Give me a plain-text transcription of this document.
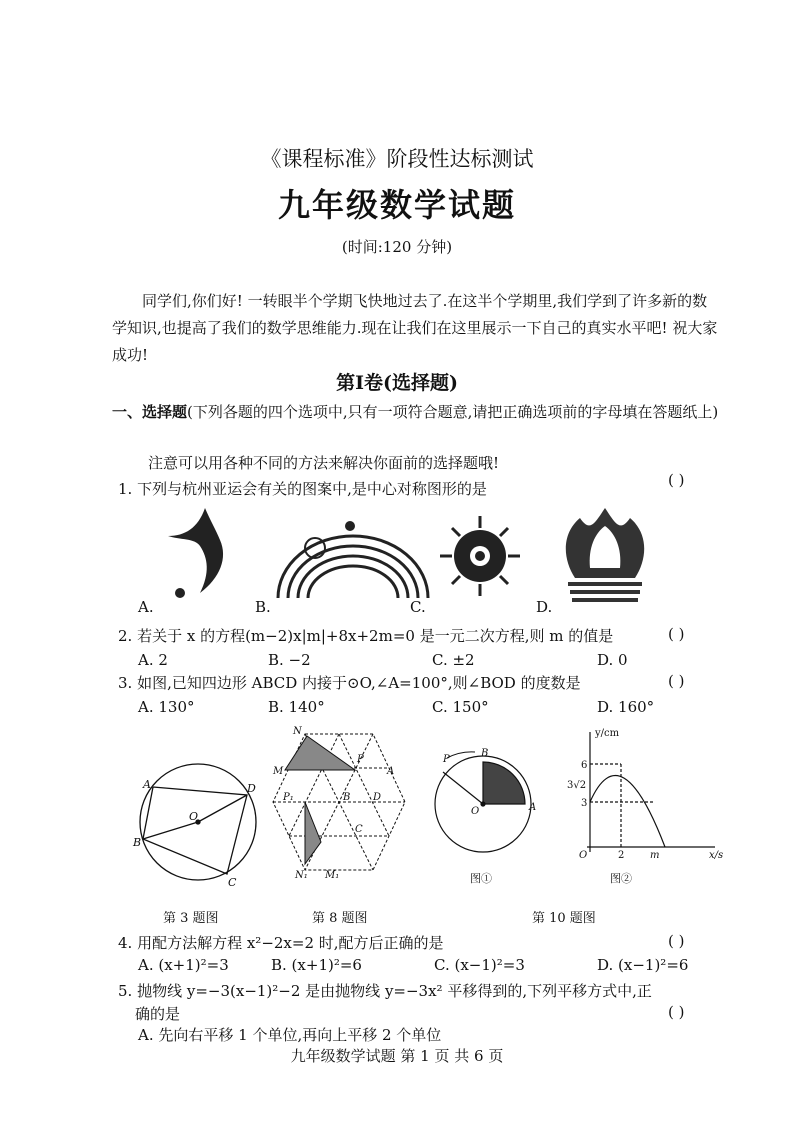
《课程标准》阶段性达标测试
九年级数学试题
(时间:120 分钟)
同学们,你们好! 一转眼半个学期飞快地过去了.在这半个学期里,我们学到了许多新的数学知识,也提高了我们的数学思维能力.现在让我们在这里展示一下自己的真实水平吧! 祝大家成功!
第Ⅰ卷(选择题)
一、选择题(下列各题的四个选项中,只有一项符合题意,请把正确选项前的字母填在答题纸上)
注意可以用各种不同的方法来解决你面前的选择题哦!
1. 下列与杭州亚运会有关的图案中,是中心对称图形的是	( )
A.	B.	C.	D.
2. 若关于 x 的方程(m−2)x|m|+8x+2m=0 是一元二次方程,则 m 的值是	( )
A. 2	B. −2	C. ±2	D. 0
3. 如图,已知四边形 ABCD 内接于⊙O,∠A=100°,则∠BOD 的度数是	( )
A. 130°	B. 140°	C. 150°	D. 160°
A
B
C
D
O
N
M
P
A
P₁	B D
C
N₁ M₁
P
B
O	A
图①
y/cm
6
3√2
3
O	2	m	x/s
图②
第 3 题图	第 8 题图	第 10 题图
4. 用配方法解方程 x²−2x=2 时,配方后正确的是	( )
A. (x+1)²=3	B. (x+1)²=6	C. (x−1)²=3	D. (x−1)²=6
5. 抛物线 y=−3(x−1)²−2 是由抛物线 y=−3x² 平移得到的,下列平移方式中,正
确的是	( )
A. 先向右平移 1 个单位,再向上平移 2 个单位
九年级数学试题 第 1 页 共 6 页
